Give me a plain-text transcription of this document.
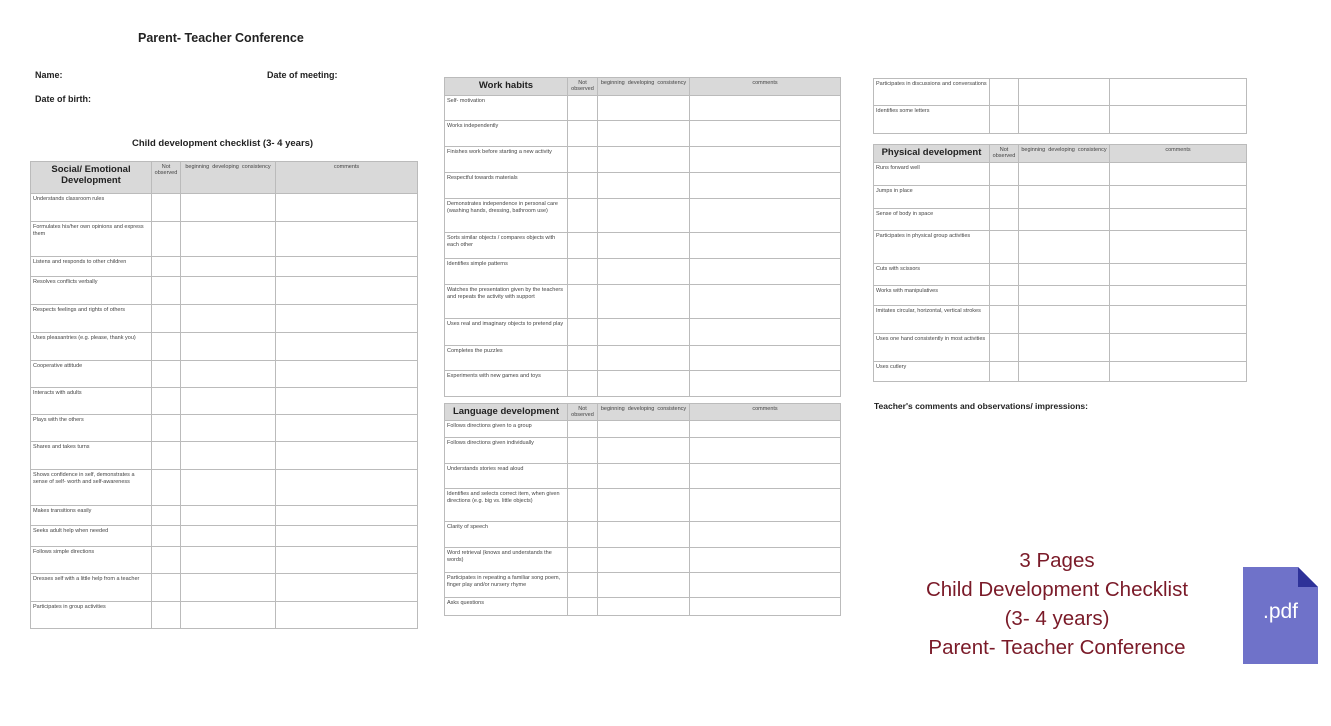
Parent- Teacher Conference
Name:	Date of meeting:
Date of birth:
Child development checklist (3- 4 years)
Social/ Emotional Development	Not observed	beginning developing consistency	comments
Understands classroom rules			
Formulates his/her own opinions and express them			
Listens and responds to other children			
Resolves conflicts verbally			
Respects feelings and rights of others			
Uses pleasantries (e.g. please, thank you)			
Cooperative attitude			
Interacts with adults			
Plays with the others			
Shares and takes turns			
Shows confidence in self, demonstrates a sense of self- worth and self-awareness			
Makes transitions easily			
Seeks adult help when needed			
Follows simple directions			
Dresses self with a little help from a teacher			
Participates in group activities			
Work habits	Not observed	beginning developing consistency	comments
Self- motivation			
Works independently			
Finishes work before starting a new activity			
Respectful towards materials			
Demonstrates independence in personal care (washing hands, dressing, bathroom use)			
Sorts similar objects / compares objects with each other			
Identifies simple patterns			
Watches the presentation given by the teachers and repeats the activity with support			
Uses real and imaginary objects to pretend play			
Completes the puzzles			
Experiments with new games and toys			
Language development	Not observed	beginning developing consistency	comments
Follows directions given to a group			
Follows directions given individually			
Understands stories read aloud			
Identifies and selects correct item, when given directions (e.g. big vs. little objects)			
Clarity of speech			
Word retrieval (knows and understands the words)			
Participates in repeating a familiar song poem, finger play and/or nursery rhyme			
Asks questions			
Participates in discussions and conversations			
Identifies some letters			
Physical development	Not observed	beginning developing consistency	comments
Runs forward well			
Jumps in place			
Sense of body in space			
Participates in physical group activities			
Cuts with scissors			
Works with manipulatives			
Imitates circular, horizontal, vertical strokes			
Uses one hand consistently in most activities			
Uses cutlery			
Teacher's comments and observations/ impressions:
3 Pages
Child Development Checklist
(3- 4 years)
Parent- Teacher Conference
.pdf
